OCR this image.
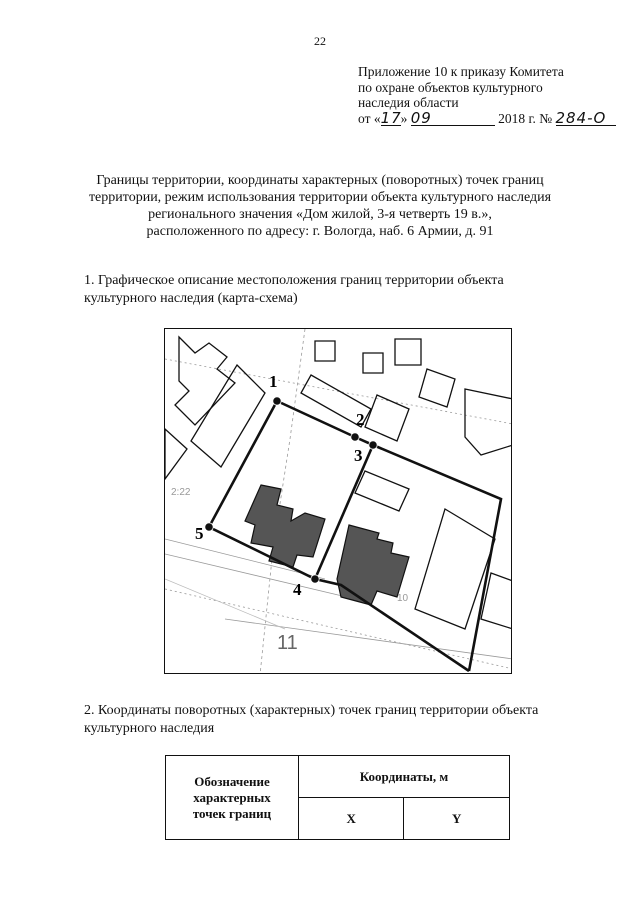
22
Приложение 10 к приказу Комитета
по охране объектов культурного
наследия области
от «17» 09	2018 г. № 284-О
Границы территории, координаты характерных (поворотных) точек границ
территории, режим использования территории объекта культурного наследия
регионального значения «Дом жилой, 3-я четверть 19 в.»,
расположенного по адресу: г. Вологда, наб. 6 Армии, д. 91
1. Графическое описание местоположения границ территории объекта
культурного наследия (карта-схема)
1
2
3
4
5
2:22
10
11
2. Координаты поворотных (характерных) точек границ территории объекта
культурного наследия
Обозначение
характерных
точек границ	Координаты, м	
	X	Y
